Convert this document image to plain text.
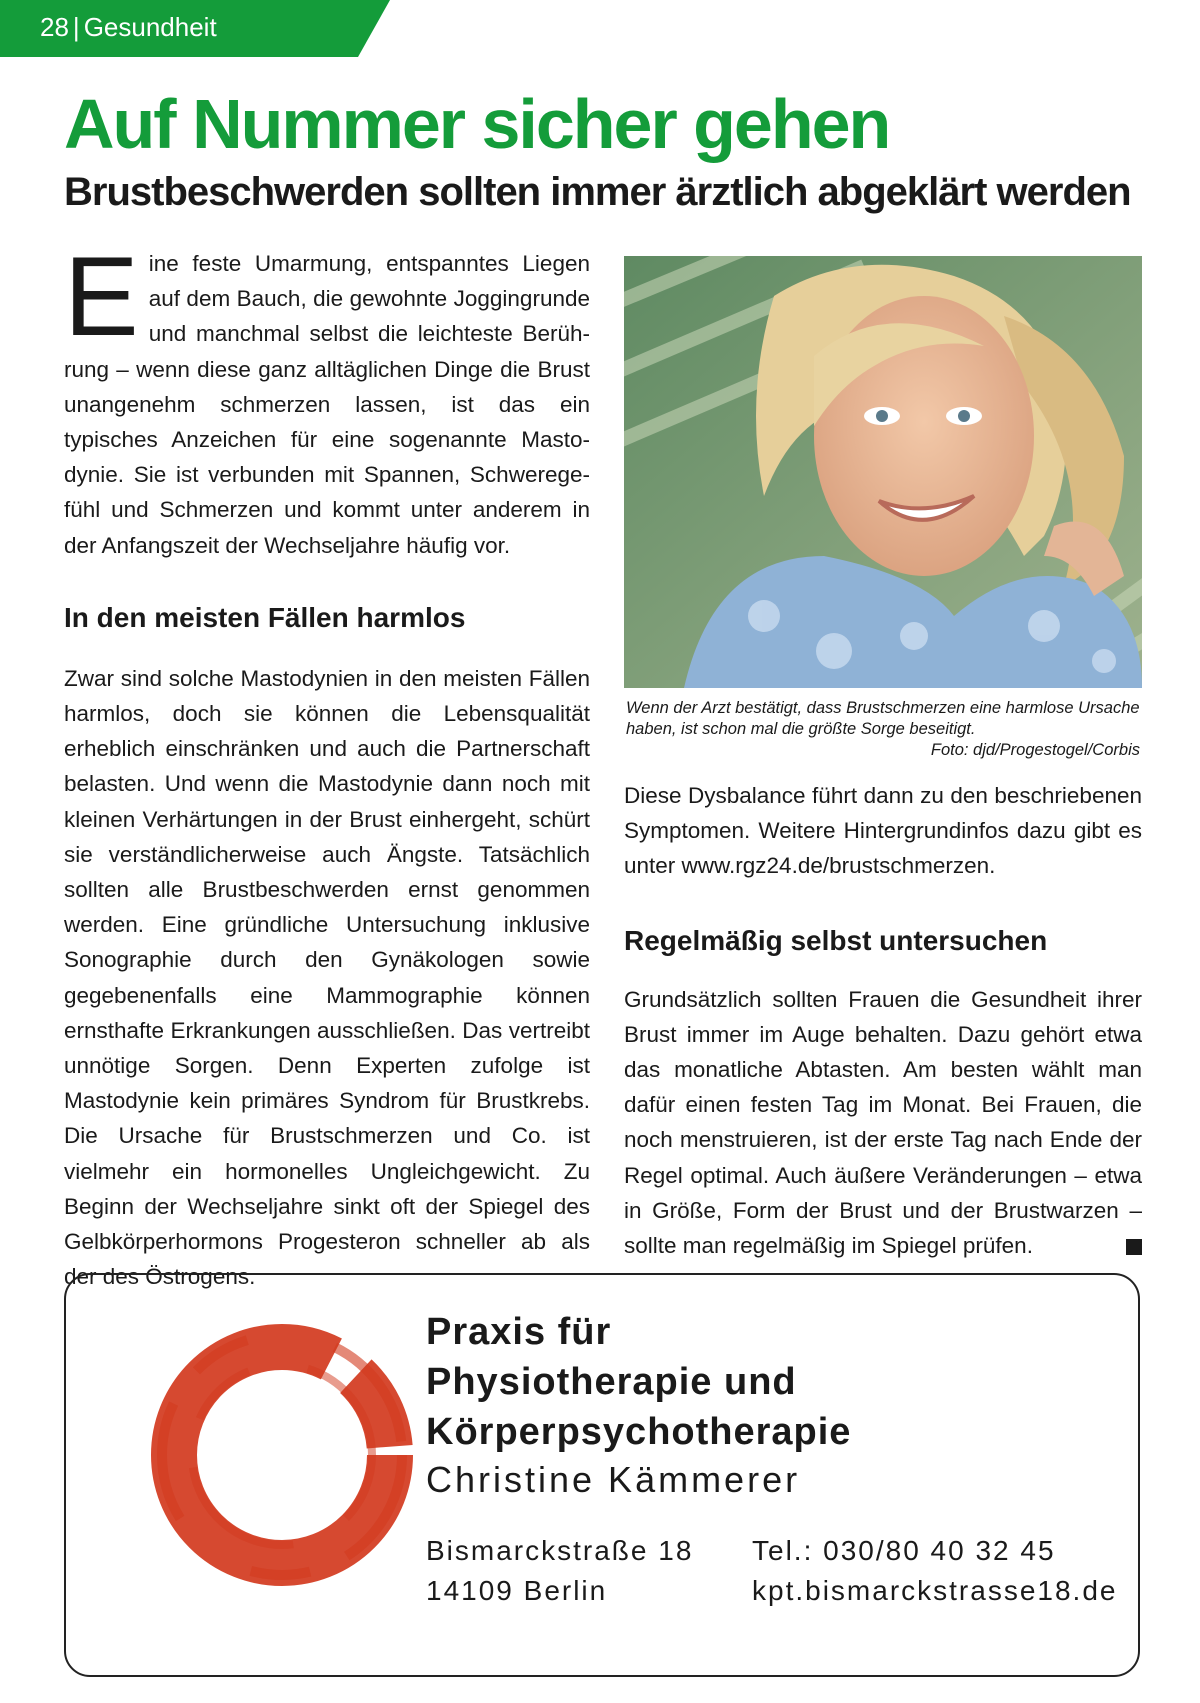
28 | Gesundheit
Auf Nummer sicher gehen
Brustbeschwerden sollten immer ärztlich abgeklärt werden

Eine feste Umarmung, entspanntes Liegen auf dem Bauch, die gewohnte Joggingrunde und manchmal selbst die leichteste Berührung – wenn diese ganz alltäglichen Dinge die Brust unangenehm schmerzen lassen, ist das ein typisches Anzeichen für eine sogenannte Mastodynie. Sie ist verbunden mit Spannen, Schweregefühl und Schmerzen und kommt unter anderem in der Anfangszeit der Wechseljahre häufig vor.

In den meisten Fällen harmlos

Zwar sind solche Mastodynien in den meisten Fällen harmlos, doch sie können die Lebensqualität erheblich einschränken und auch die Partnerschaft belasten. Und wenn die Mastodynie dann noch mit kleinen Verhärtungen in der Brust einhergeht, schürt sie verständlicherweise auch Ängste. Tatsächlich sollten alle Brustbeschwerden ernst genommen werden. Eine gründliche Untersuchung inklusive Sonographie durch den Gynäkologen sowie gegebenenfalls eine Mammographie können ernsthafte Erkrankungen ausschließen. Das vertreibt unnötige Sorgen. Denn Experten zufolge ist Mastodynie kein primäres Syndrom für Brustkrebs. Die Ursache für Brustschmerzen und Co. ist vielmehr ein hormonelles Ungleichgewicht. Zu Beginn der Wechseljahre sinkt oft der Spiegel des Gelbkörperhormons Progesteron schneller ab als der des Östrogens.

Wenn der Arzt bestätigt, dass Brustschmerzen eine harmlose Ursache haben, ist schon mal die größte Sorge beseitigt.
Foto: djd/Progestogel/Corbis

Diese Dysbalance führt dann zu den beschriebenen Symptomen. Weitere Hintergrundinfos dazu gibt es unter www.rgz24.de/brustschmerzen.

Regelmäßig selbst untersuchen

Grundsätzlich sollten Frauen die Gesundheit ihrer Brust immer im Auge behalten. Dazu gehört etwa das monatliche Abtasten. Am besten wählt man dafür einen festen Tag im Monat. Bei Frauen, die noch menstruieren, ist der erste Tag nach Ende der Regel optimal. Auch äußere Veränderungen – etwa in Größe, Form der Brust und der Brustwarzen – sollte man regelmäßig im Spiegel prüfen.

Praxis für
Physiotherapie und
Körperpsychotherapie
Christine Kämmerer
Bismarckstraße 18
14109 Berlin
Tel.: 030/80 40 32 45
kpt.bismarckstrasse18.de
